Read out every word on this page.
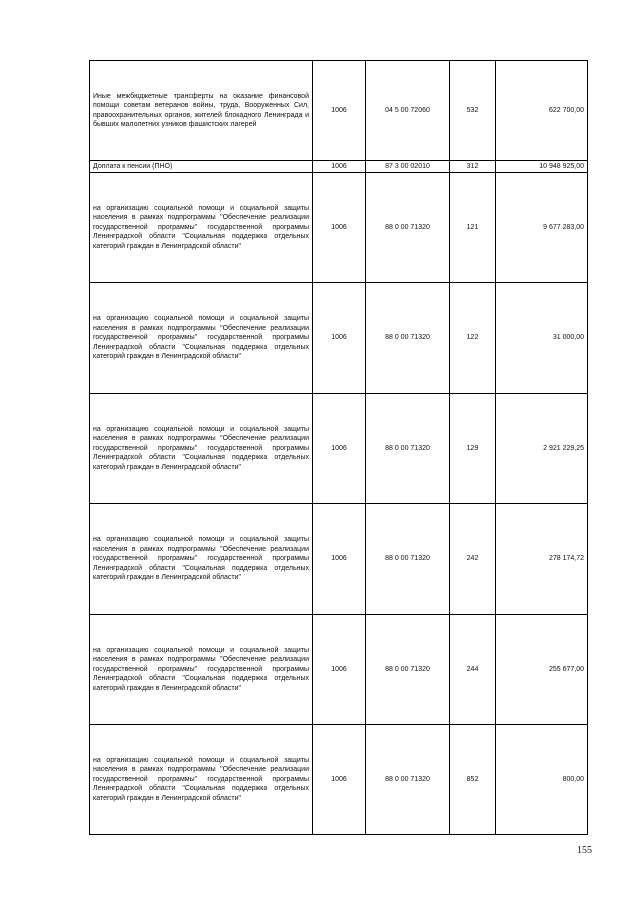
Иные межбюджетные трансферты на оказание финансовой помощи советам ветеранов войны, труда, Вооруженных Сил, правоохранительных органов, жителей блокадного Ленинграда и бывших малолетних узников фашистских лагерей	1006	04 5 00 72060	532	622 700,00
Доплата к пенсии (ПНО)	1006	87 3 00 02010	312	10 948 925,00
на организацию социальной помощи и социальной защиты населения в рамках подпрограммы "Обеспечение реализации государственной программы" государственной программы Ленинградской области "Социальная поддержка отдельных категорий граждан в Ленинградской области"	1006	88 0 00 71320	121	9 677 283,00
на организацию социальной помощи и социальной защиты населения в рамках подпрограммы "Обеспечение реализации государственной программы" государственной программы Ленинградской области "Социальная поддержка отдельных категорий граждан в Ленинградской области"	1006	88 0 00 71320	122	31 000,00
на организацию социальной помощи и социальной защиты населения в рамках подпрограммы "Обеспечение реализации государственной программы" государственной программы Ленинградской области "Социальная поддержка отдельных категорий граждан в Ленинградской области"	1006	88 0 00 71320	129	2 921 229,25
на организацию социальной помощи и социальной защиты населения в рамках подпрограммы "Обеспечение реализации государственной программы" государственной программы Ленинградской области "Социальная поддержка отдельных категорий граждан в Ленинградской области"	1006	88 0 00 71320	242	278 174,72
на организацию социальной помощи и социальной защиты населения в рамках подпрограммы "Обеспечение реализации государственной программы" государственной программы Ленинградской области "Социальная поддержка отдельных категорий граждан в Ленинградской области"	1006	88 0 00 71320	244	255 677,00
на организацию социальной помощи и социальной защиты населения в рамках подпрограммы "Обеспечение реализации государственной программы" государственной программы Ленинградской области "Социальная поддержка отдельных категорий граждан в Ленинградской области"	1006	88 0 00 71320	852	800,00
155
